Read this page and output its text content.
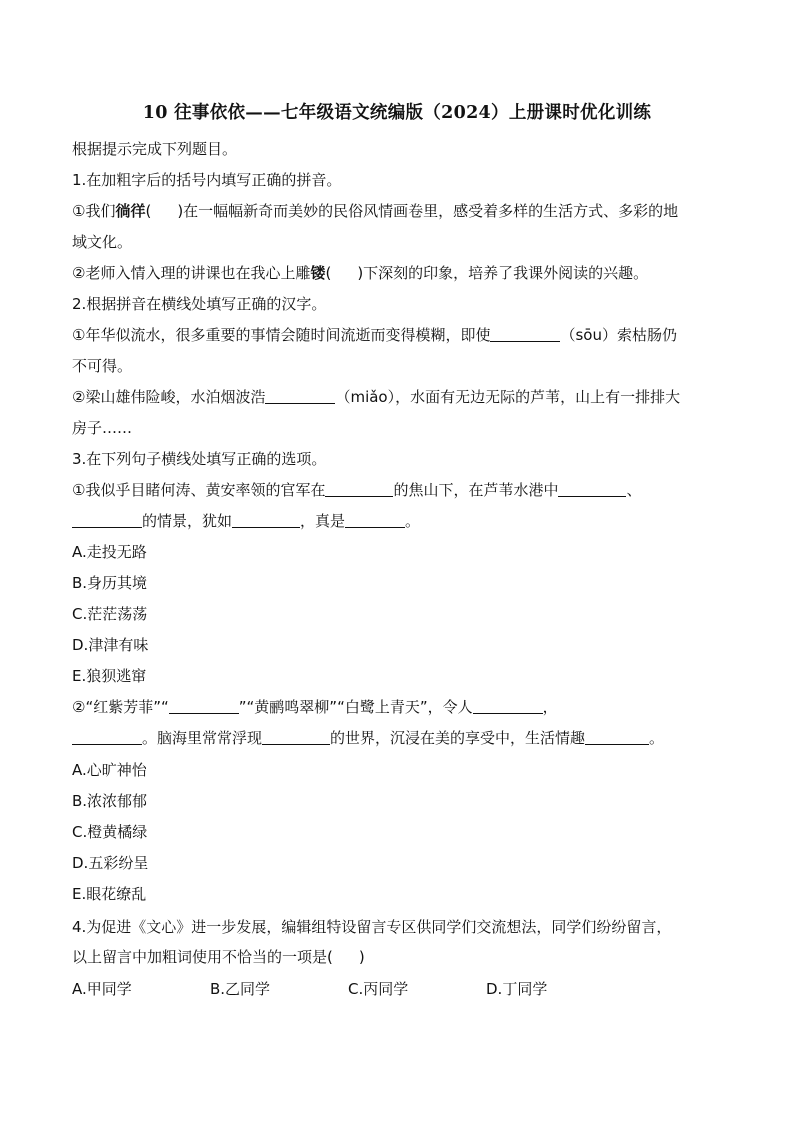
10 往事依依——七年级语文统编版（2024）上册课时优化训练
根据提示完成下列题目。
1.在加粗字后的括号内填写正确的拼音。
①我们徜徉( )在一幅幅新奇而美妙的民俗风情画卷里，感受着多样的生活方式、多彩的地
域文化。
②老师入情入理的讲课也在我心上雕镂( )下深刻的印象，培养了我课外阅读的兴趣。
2.根据拼音在横线处填写正确的汉字。
①年华似流水，很多重要的事情会随时间流逝而变得模糊，即使	（sōu）索枯肠仍
不可得。
②梁山雄伟险峻，水泊烟波浩	（miǎo），水面有无边无际的芦苇，山上有一排排大
房子……
3.在下列句子横线处填写正确的选项。
①我似乎目睹何涛、黄安率领的官军在	的焦山下，在芦苇水港中	、
的情景，犹如	，真是	。
A.走投无路
B.身历其境
C.茫茫荡荡
D.津津有味
E.狼狈逃窜
②“红紫芳菲”“	”“黄鹂鸣翠柳”“白鹭上青天”，令人	，
。脑海里常常浮现	的世界，沉浸在美的享受中，生活情趣	。
A.心旷神怡
B.浓浓郁郁
C.橙黄橘绿
D.五彩纷呈
E.眼花缭乱
4.为促进《文心》进一步发展，编辑组特设留言专区供同学们交流想法，同学们纷纷留言，
以上留言中加粗词使用不恰当的一项是( )
A.甲同学	B.乙同学	C.丙同学	D.丁同学
